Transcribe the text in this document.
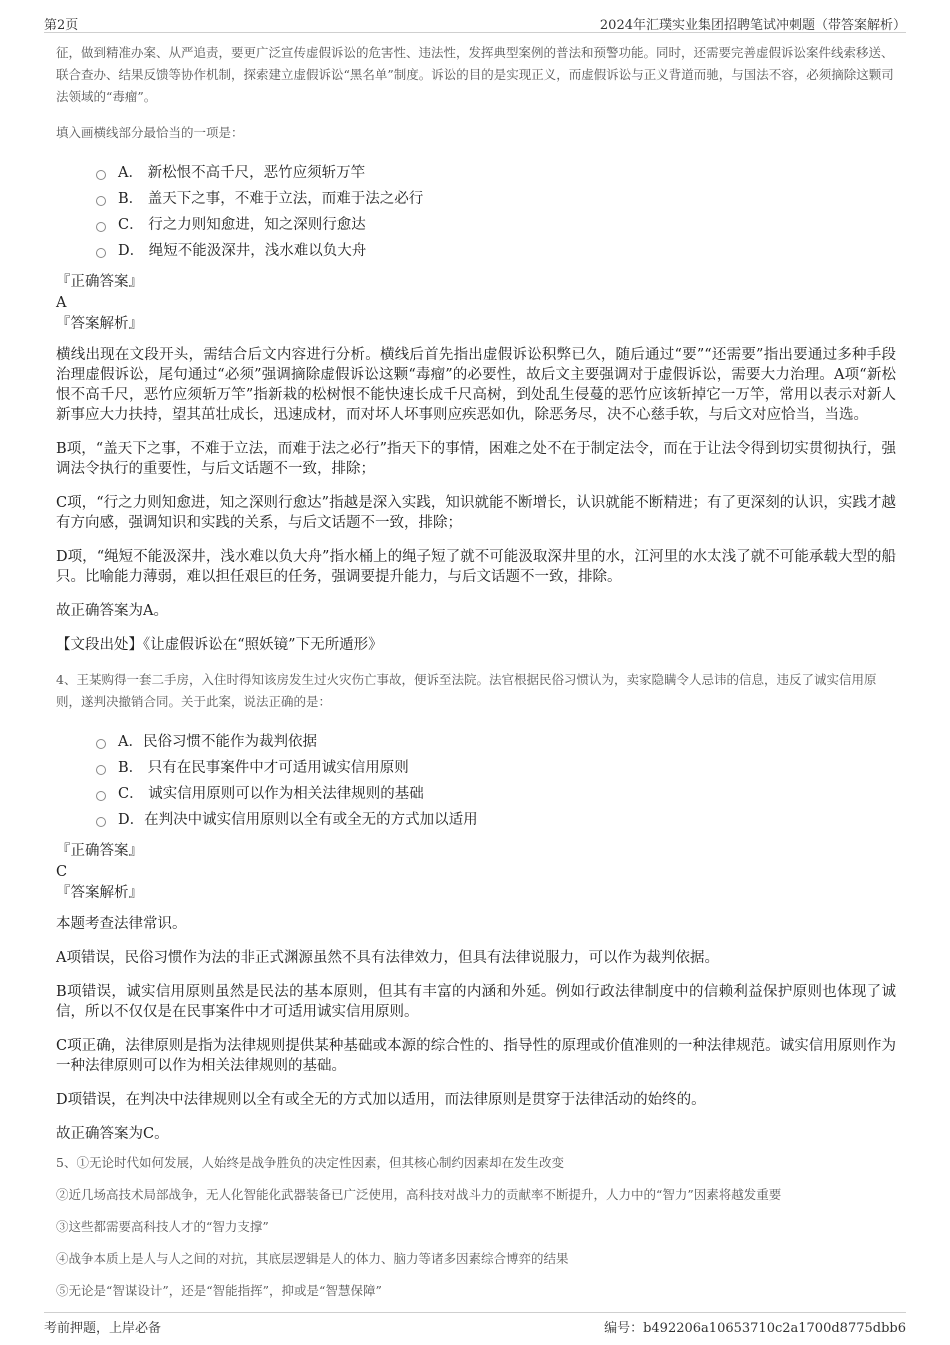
第2页	2024年汇璞实业集团招聘笔试冲刺题（带答案解析）
征，做到精准办案、从严追责，要更广泛宣传虚假诉讼的危害性、违法性，发挥典型案例的普法和预警功能。同时，还需要完善虚假诉讼案件线索移送、联合查办、结果反馈等协作机制，探索建立虚假诉讼“黑名单”制度。诉讼的目的是实现正义，而虚假诉讼与正义背道而驰，与国法不容，必须摘除这颗司法领域的“毒瘤”。
填入画横线部分最恰当的一项是：
A． 新松恨不高千尺，恶竹应须斩万竿
B． 盖天下之事，不难于立法，而难于法之必行
C． 行之力则知愈进，知之深则行愈达
D． 绳短不能汲深井，浅水难以负大舟
『正确答案』
A
『答案解析』
横线出现在文段开头，需结合后文内容进行分析。横线后首先指出虚假诉讼积弊已久，随后通过“要”“还需要”指出要通过多种手段治理虚假诉讼，尾句通过“必须”强调摘除虚假诉讼这颗“毒瘤”的必要性，故后文主要强调对于虚假诉讼，需要大力治理。A项“新松恨不高千尺，恶竹应须斩万竿”指新栽的松树恨不能快速长成千尺高树，到处乱生侵蔓的恶竹应该斩掉它一万竿，常用以表示对新人新事应大力扶持，望其茁壮成长，迅速成材，而对坏人坏事则应疾恶如仇，除恶务尽，决不心慈手软，与后文对应恰当，当选。
B项，“盖天下之事，不难于立法，而难于法之必行”指天下的事情，困难之处不在于制定法令，而在于让法令得到切实贯彻执行，强调法令执行的重要性，与后文话题不一致，排除；
C项，“行之力则知愈进，知之深则行愈达”指越是深入实践，知识就能不断增长，认识就能不断精进；有了更深刻的认识，实践才越有方向感，强调知识和实践的关系，与后文话题不一致，排除；
D项，“绳短不能汲深井，浅水难以负大舟”指水桶上的绳子短了就不可能汲取深井里的水，江河里的水太浅了就不可能承载大型的船只。比喻能力薄弱，难以担任艰巨的任务，强调要提升能力，与后文话题不一致，排除。
故正确答案为A。
【文段出处】《让虚假诉讼在“照妖镜”下无所遁形》
4、王某购得一套二手房，入住时得知该房发生过火灾伤亡事故，便诉至法院。法官根据民俗习惯认为，卖家隐瞒令人忌讳的信息，违反了诚实信用原则，遂判决撤销合同。关于此案，说法正确的是：
A．民俗习惯不能作为裁判依据
B． 只有在民事案件中才可适用诚实信用原则
C． 诚实信用原则可以作为相关法律规则的基础
D．在判决中诚实信用原则以全有或全无的方式加以适用
『正确答案』
C
『答案解析』
本题考查法律常识。
A项错误，民俗习惯作为法的非正式渊源虽然不具有法律效力，但具有法律说服力，可以作为裁判依据。
B项错误，诚实信用原则虽然是民法的基本原则，但其有丰富的内涵和外延。例如行政法律制度中的信赖利益保护原则也体现了诚信，所以不仅仅是在民事案件中才可适用诚实信用原则。
C项正确，法律原则是指为法律规则提供某种基础或本源的综合性的、指导性的原理或价值准则的一种法律规范。诚实信用原则作为一种法律原则可以作为相关法律规则的基础。
D项错误，在判决中法律规则以全有或全无的方式加以适用，而法律原则是贯穿于法律活动的始终的。
故正确答案为C。
5、①无论时代如何发展，人始终是战争胜负的决定性因素，但其核心制约因素却在发生改变
②近几场高技术局部战争，无人化智能化武器装备已广泛使用，高科技对战斗力的贡献率不断提升，人力中的“智力”因素将越发重要
③这些都需要高科技人才的“智力支撑”
④战争本质上是人与人之间的对抗，其底层逻辑是人的体力、脑力等诸多因素综合博弈的结果
⑤无论是“智谋设计”，还是“智能指挥”，抑或是“智慧保障”
考前押题，上岸必备	编号：b492206a10653710c2a1700d8775dbb6
